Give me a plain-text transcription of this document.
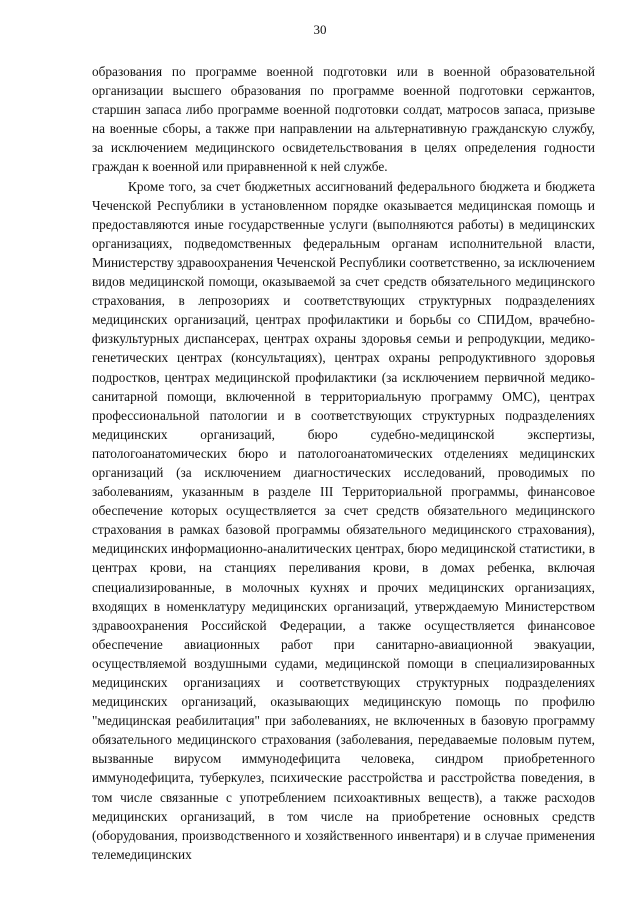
30

образования по программе военной подготовки или в военной образовательной организации высшего образования по программе военной подготовки сержантов, старшин запаса либо программе военной подготовки солдат, матросов запаса, призыве на военные сборы, а также при направлении на альтернативную гражданскую службу, за исключением медицинского освидетельствования в целях определения годности граждан к военной или приравненной к ней службе.

Кроме того, за счет бюджетных ассигнований федерального бюджета и бюджета Чеченской Республики в установленном порядке оказывается медицинская помощь и предоставляются иные государственные услуги (выполняются работы) в медицинских организациях, подведомственных федеральным органам исполнительной власти, Министерству здравоохранения Чеченской Республики соответственно, за исключением видов медицинской помощи, оказываемой за счет средств обязательного медицинского страхования, в лепрозориях и соответствующих структурных подразделениях медицинских организаций, центрах профилактики и борьбы со СПИДом, врачебно-физкультурных диспансерах, центрах охраны здоровья семьи и репродукции, медико-генетических центрах (консультациях), центрах охраны репродуктивного здоровья подростков, центрах медицинской профилактики (за исключением первичной медико-санитарной помощи, включенной в территориальную программу ОМС), центрах профессиональной патологии и в соответствующих структурных подразделениях медицинских организаций, бюро судебно-медицинской экспертизы, патологоанатомических бюро и патологоанатомических отделениях медицинских организаций (за исключением диагностических исследований, проводимых по заболеваниям, указанным в разделе III Территориальной программы, финансовое обеспечение которых осуществляется за счет средств обязательного медицинского страхования в рамках базовой программы обязательного медицинского страхования), медицинских информационно-аналитических центрах, бюро медицинской статистики, в центрах крови, на станциях переливания крови, в домах ребенка, включая специализированные, в молочных кухнях и прочих медицинских организациях, входящих в номенклатуру медицинских организаций, утверждаемую Министерством здравоохранения Российской Федерации, а также осуществляется финансовое обеспечение авиационных работ при санитарно-авиационной эвакуации, осуществляемой воздушными судами, медицинской помощи в специализированных медицинских организациях и соответствующих структурных подразделениях медицинских организаций, оказывающих медицинскую помощь по профилю "медицинская реабилитация" при заболеваниях, не включенных в базовую программу обязательного медицинского страхования (заболевания, передаваемые половым путем, вызванные вирусом иммунодефицита человека, синдром приобретенного иммунодефицита, туберкулез, психические расстройства и расстройства поведения, в том числе связанные с употреблением психоактивных веществ), а также расходов медицинских организаций, в том числе на приобретение основных средств (оборудования, производственного и хозяйственного инвентаря) и в случае применения телемедицинских
